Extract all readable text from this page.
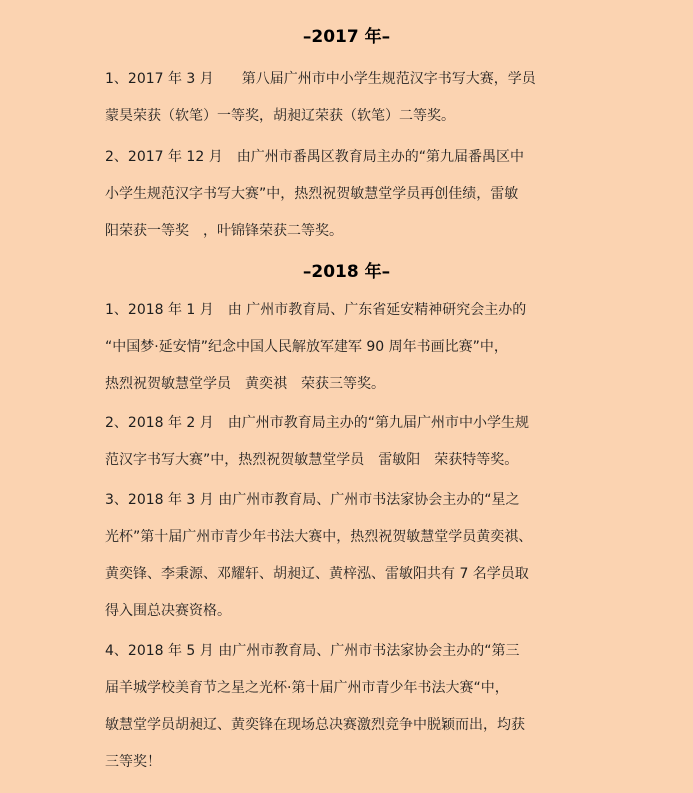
–2017 年–
1、2017 年 3 月　　第八届广州市中小学生规范汉字书写大赛，学员
蒙昊荣获（软笔）一等奖，胡昶辽荣获（软笔）二等奖。
2、2017 年 12 月　由广州市番禺区教育局主办的“第九届番禺区中
小学生规范汉字书写大赛”中，热烈祝贺敏慧堂学员再创佳绩，雷敏
阳荣获一等奖　，叶锦锋荣获二等奖。
–2018 年–
1、2018 年 1 月　由 广州市教育局、广东省延安精神研究会主办的
“中国梦·延安情”纪念中国人民解放军建军 90 周年书画比赛”中，
热烈祝贺敏慧堂学员　黄奕祺　荣获三等奖。
2、2018 年 2 月　由广州市教育局主办的“第九届广州市中小学生规
范汉字书写大赛”中，热烈祝贺敏慧堂学员　雷敏阳　荣获特等奖。
3、2018 年 3 月 由广州市教育局、广州市书法家协会主办的“星之
光杯”第十届广州市青少年书法大赛中，热烈祝贺敏慧堂学员黄奕祺、
黄奕锋、李秉源、邓耀轩、胡昶辽、黄梓泓、雷敏阳共有 7 名学员取
得入围总决赛资格。
4、2018 年 5 月 由广州市教育局、广州市书法家协会主办的“第三
届羊城学校美育节之星之光杯·第十届广州市青少年书法大赛“中，
敏慧堂学员胡昶辽、黄奕锋在现场总决赛激烈竞争中脱颖而出，均获
三等奖！
